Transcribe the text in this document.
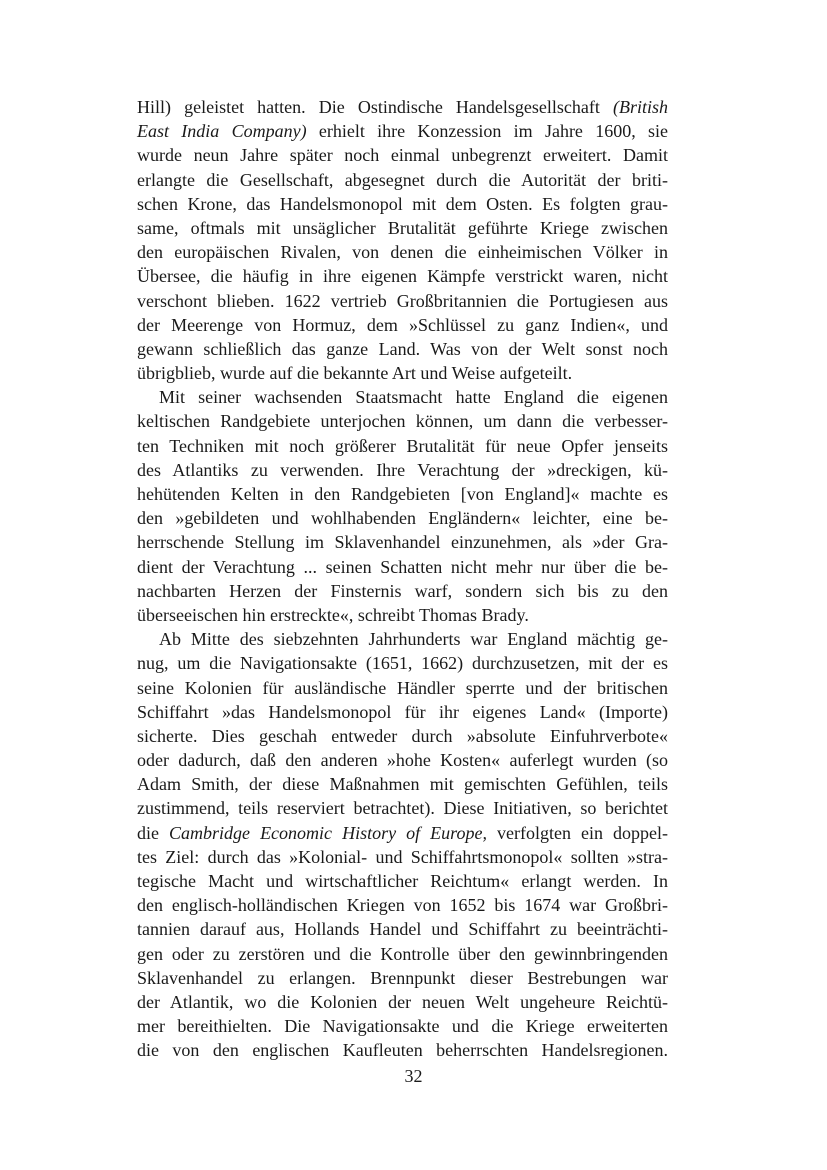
Hill) geleistet hatten. Die Ostindische Handelsgesellschaft (British
East India Company) erhielt ihre Konzession im Jahre 1600, sie
wurde neun Jahre später noch einmal unbegrenzt erweitert. Damit
erlangte die Gesellschaft, abgesegnet durch die Autorität der briti-
schen Krone, das Handelsmonopol mit dem Osten. Es folgten grau-
same, oftmals mit unsäglicher Brutalität geführte Kriege zwischen
den europäischen Rivalen, von denen die einheimischen Völker in
Übersee, die häufig in ihre eigenen Kämpfe verstrickt waren, nicht
verschont blieben. 1622 vertrieb Großbritannien die Portugiesen aus
der Meerenge von Hormuz, dem »Schlüssel zu ganz Indien«, und
gewann schließlich das ganze Land. Was von der Welt sonst noch
übrigblieb, wurde auf die bekannte Art und Weise aufgeteilt.

Mit seiner wachsenden Staatsmacht hatte England die eigenen
keltischen Randgebiete unterjochen können, um dann die verbesser-
ten Techniken mit noch größerer Brutalität für neue Opfer jenseits
des Atlantiks zu verwenden. Ihre Verachtung der »dreckigen, kü-
hehütenden Kelten in den Randgebieten [von England]« machte es
den »gebildeten und wohlhabenden Engländern« leichter, eine be-
herrschende Stellung im Sklavenhandel einzunehmen, als »der Gra-
dient der Verachtung ... seinen Schatten nicht mehr nur über die be-
nachbarten Herzen der Finsternis warf, sondern sich bis zu den
überseeischen hin erstreckte«, schreibt Thomas Brady.

Ab Mitte des siebzehnten Jahrhunderts war England mächtig ge-
nug, um die Navigationsakte (1651, 1662) durchzusetzen, mit der es
seine Kolonien für ausländische Händler sperrte und der britischen
Schiffahrt »das Handelsmonopol für ihr eigenes Land« (Importe)
sicherte. Dies geschah entweder durch »absolute Einfuhrverbote«
oder dadurch, daß den anderen »hohe Kosten« auferlegt wurden (so
Adam Smith, der diese Maßnahmen mit gemischten Gefühlen, teils
zustimmend, teils reserviert betrachtet). Diese Initiativen, so berichtet
die Cambridge Economic History of Europe, verfolgten ein doppel-
tes Ziel: durch das »Kolonial- und Schiffahrtsmonopol« sollten »stra-
tegische Macht und wirtschaftlicher Reichtum« erlangt werden. In
den englisch-holländischen Kriegen von 1652 bis 1674 war Großbri-
tannien darauf aus, Hollands Handel und Schiffahrt zu beeinträchti-
gen oder zu zerstören und die Kontrolle über den gewinnbringenden
Sklavenhandel zu erlangen. Brennpunkt dieser Bestrebungen war
der Atlantik, wo die Kolonien der neuen Welt ungeheure Reichtü-
mer bereithielten. Die Navigationsakte und die Kriege erweiterten
die von den englischen Kaufleuten beherrschten Handelsregionen.

32
